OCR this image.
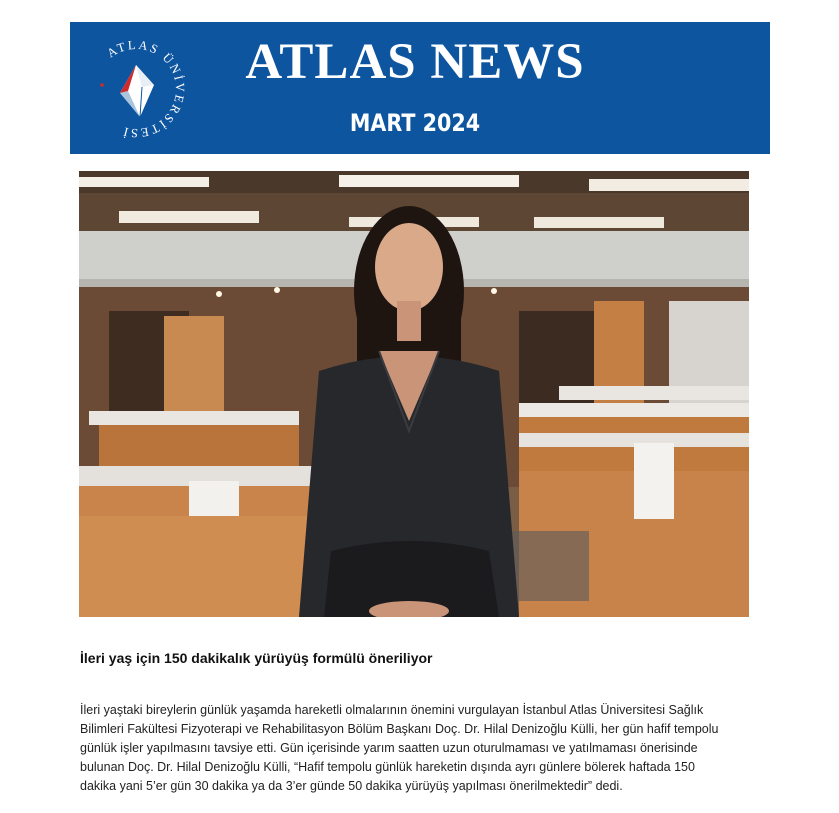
ATLAS ÜNİVERSİTESİ
ATLAS NEWS
MART 2024
İleri yaş için 150 dakikalık yürüyüş formülü öneriliyor

İleri yaştaki bireylerin günlük yaşamda hareketli olmalarının önemini vurgulayan İstanbul Atlas Üniversitesi Sağlık
Bilimleri Fakültesi Fizyoterapi ve Rehabilitasyon Bölüm Başkanı Doç. Dr. Hilal Denizoğlu Külli, her gün hafif tempolu
günlük işler yapılmasını tavsiye etti. Gün içerisinde yarım saatten uzun oturulmaması ve yatılmaması önerisinde
bulunan Doç. Dr. Hilal Denizoğlu Külli, “Hafif tempolu günlük hareketin dışında ayrı günlere bölerek haftada 150
dakika yani 5’er gün 30 dakika ya da 3’er günde 50 dakika yürüyüş yapılması önerilmektedir” dedi.
